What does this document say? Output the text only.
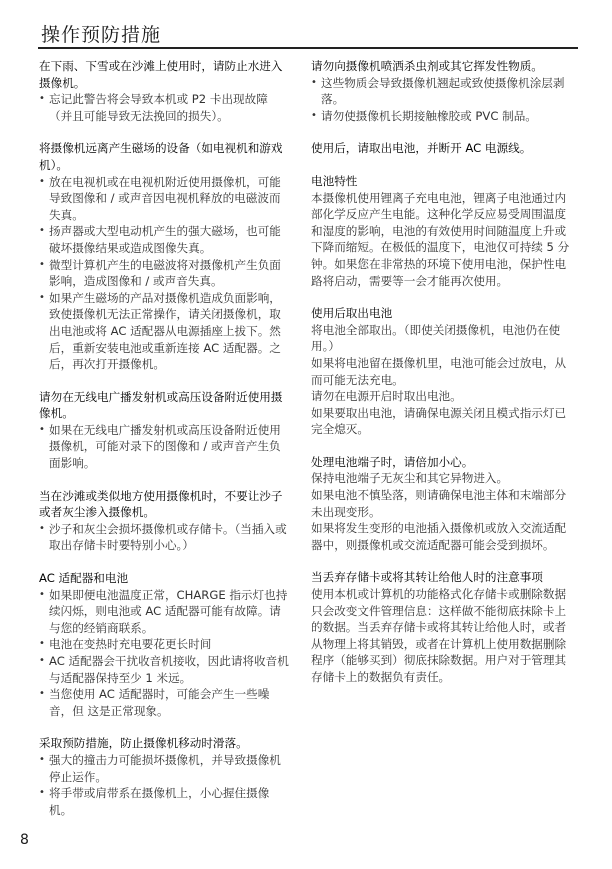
操作预防措施
在下雨、下雪或在沙滩上使用时，请防止水进入摄像机。
• 忘记此警告将会导致本机或 P2 卡出现故障（并且可能导致无法挽回的损失）。
将摄像机远离产生磁场的设备（如电视机和游戏机）。
• 放在电视机或在电视机附近使用摄像机，可能导致图像和 / 或声音因电视机释放的电磁波而失真。
• 扬声器或大型电动机产生的强大磁场，也可能破坏摄像结果或造成图像失真。
• 微型计算机产生的电磁波将对摄像机产生负面影响，造成图像和 / 或声音失真。
• 如果产生磁场的产品对摄像机造成负面影响，致使摄像机无法正常操作，请关闭摄像机，取出电池或将 AC 适配器从电源插座上拔下。然后，重新安装电池或重新连接 AC 适配器。之后，再次打开摄像机。
请勿在无线电广播发射机或高压设备附近使用摄像机。
• 如果在无线电广播发射机或高压设备附近使用摄像机，可能对录下的图像和 / 或声音产生负面影响。
当在沙滩或类似地方使用摄像机时，不要让沙子或者灰尘渗入摄像机。
• 沙子和灰尘会损坏摄像机或存储卡。（当插入或取出存储卡时要特别小心。）
AC 适配器和电池
• 如果即便电池温度正常，CHARGE 指示灯也持续闪烁，则电池或 AC 适配器可能有故障。请与您的经销商联系。
• 电池在变热时充电要花更长时间
• AC 适配器会干扰收音机接收，因此请将收音机与适配器保持至少 1 米远。
• 当您使用 AC 适配器时，可能会产生一些噪音，但 这是正常现象。
采取预防措施，防止摄像机移动时滑落。
• 强大的撞击力可能损坏摄像机，并导致摄像机停止运作。
• 将手带或肩带系在摄像机上，小心握住摄像机。
请勿向摄像机喷洒杀虫剂或其它挥发性物质。
• 这些物质会导致摄像机翘起或致使摄像机涂层剥落。
• 请勿使摄像机长期接触橡胶或 PVC 制品。
使用后，请取出电池，并断开 AC 电源线。
电池特性
本摄像机使用锂离子充电电池，锂离子电池通过内部化学反应产生电能。这种化学反应易受周围温度和湿度的影响，电池的有效使用时间随温度上升或下降而缩短。在极低的温度下，电池仅可持续 5 分钟。如果您在非常热的环境下使用电池，保护性电路将启动，需要等一会才能再次使用。
使用后取出电池
将电池全部取出。（即使关闭摄像机，电池仍在使用。）
如果将电池留在摄像机里，电池可能会过放电，从而可能无法充电。
请勿在电源开启时取出电池。
如果要取出电池，请确保电源关闭且模式指示灯已完全熄灭。
处理电池端子时，请倍加小心。
保持电池端子无灰尘和其它异物进入。
如果电池不慎坠落，则请确保电池主体和末端部分未出现变形。
如果将发生变形的电池插入摄像机或放入交流适配器中，则摄像机或交流适配器可能会受到损坏。
当丢弃存储卡或将其转让给他人时的注意事项
使用本机或计算机的功能格式化存储卡或删除数据只会改变文件管理信息：这样做不能彻底抹除卡上的数据。当丢弃存储卡或将其转让给他人时，或者从物理上将其销毁，或者在计算机上使用数据删除程序（能够买到）彻底抹除数据。用户对于管理其存储卡上的数据负有责任。
8
